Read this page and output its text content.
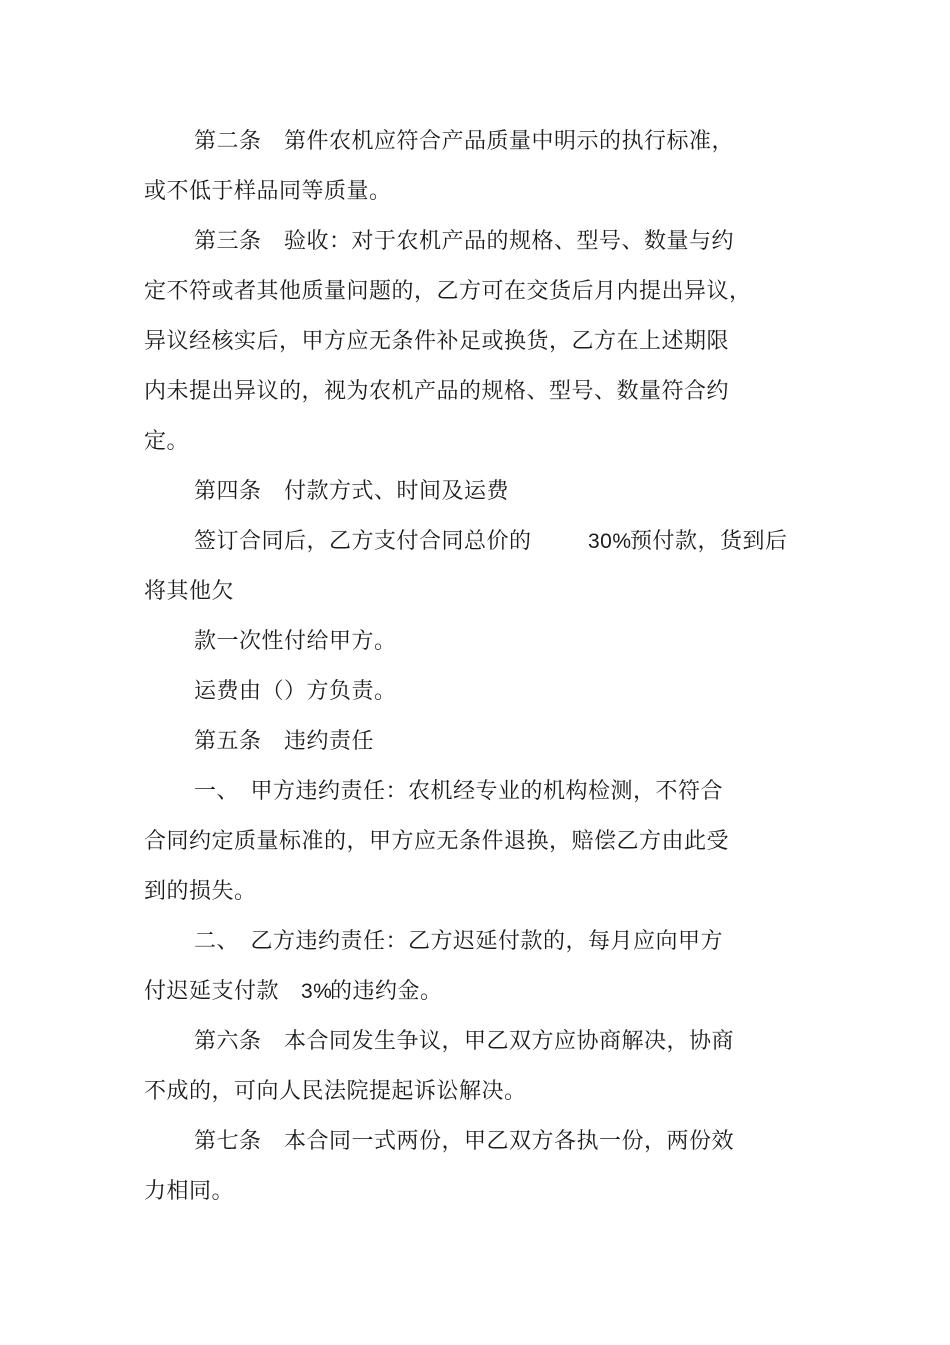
第二条　第件农机应符合产品质量中明示的执行标准，
或不低于样品同等质量。
第三条　验收：对于农机产品的规格、型号、数量与约
定不符或者其他质量问题的，乙方可在交货后月内提出异议，
异议经核实后，甲方应无条件补足或换货，乙方在上述期限
内未提出异议的，视为农机产品的规格、型号、数量符合约
定。
第四条　付款方式、时间及运费
签订合同后，乙方支付合同总价的	30%
预付款，货到后
将其他欠
款一次性付给甲方。
运费由（）方负责。
第五条　违约责任
一、　甲方违约责任：农机经专业的机构检测，不符合
合同约定质量标准的，甲方应无条件退换，赔偿乙方由此受
到的损失。
二、　乙方违约责任：乙方迟延付款的，每月应向甲方
付迟延支付款 3%
的违约金。
第六条　本合同发生争议，甲乙双方应协商解决，协商
不成的，可向人民法院提起诉讼解决。
第七条　本合同一式两份，甲乙双方各执一份，两份效
力相同。
